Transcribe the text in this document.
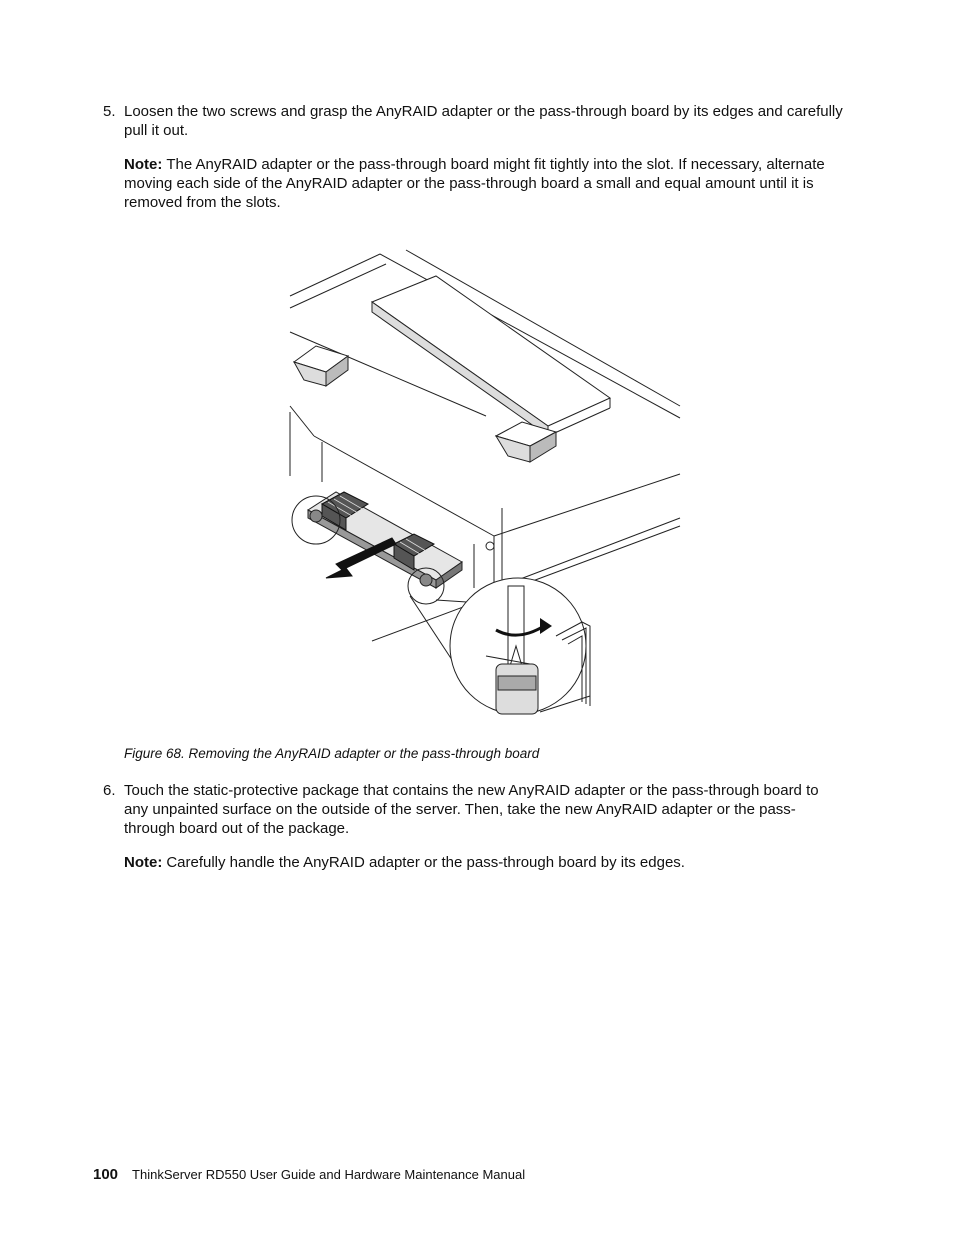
5. Loosen the two screws and grasp the AnyRAID adapter or the pass-through board by its edges and carefully pull it out.
Note: The AnyRAID adapter or the pass-through board might fit tightly into the slot. If necessary, alternate moving each side of the AnyRAID adapter or the pass-through board a small and equal amount until it is removed from the slots.
Figure 68. Removing the AnyRAID adapter or the pass-through board
6. Touch the static-protective package that contains the new AnyRAID adapter or the pass-through board to any unpainted surface on the outside of the server. Then, take the new AnyRAID adapter or the pass-through board out of the package.
Note: Carefully handle the AnyRAID adapter or the pass-through board by its edges.
100 ThinkServer RD550 User Guide and Hardware Maintenance Manual
